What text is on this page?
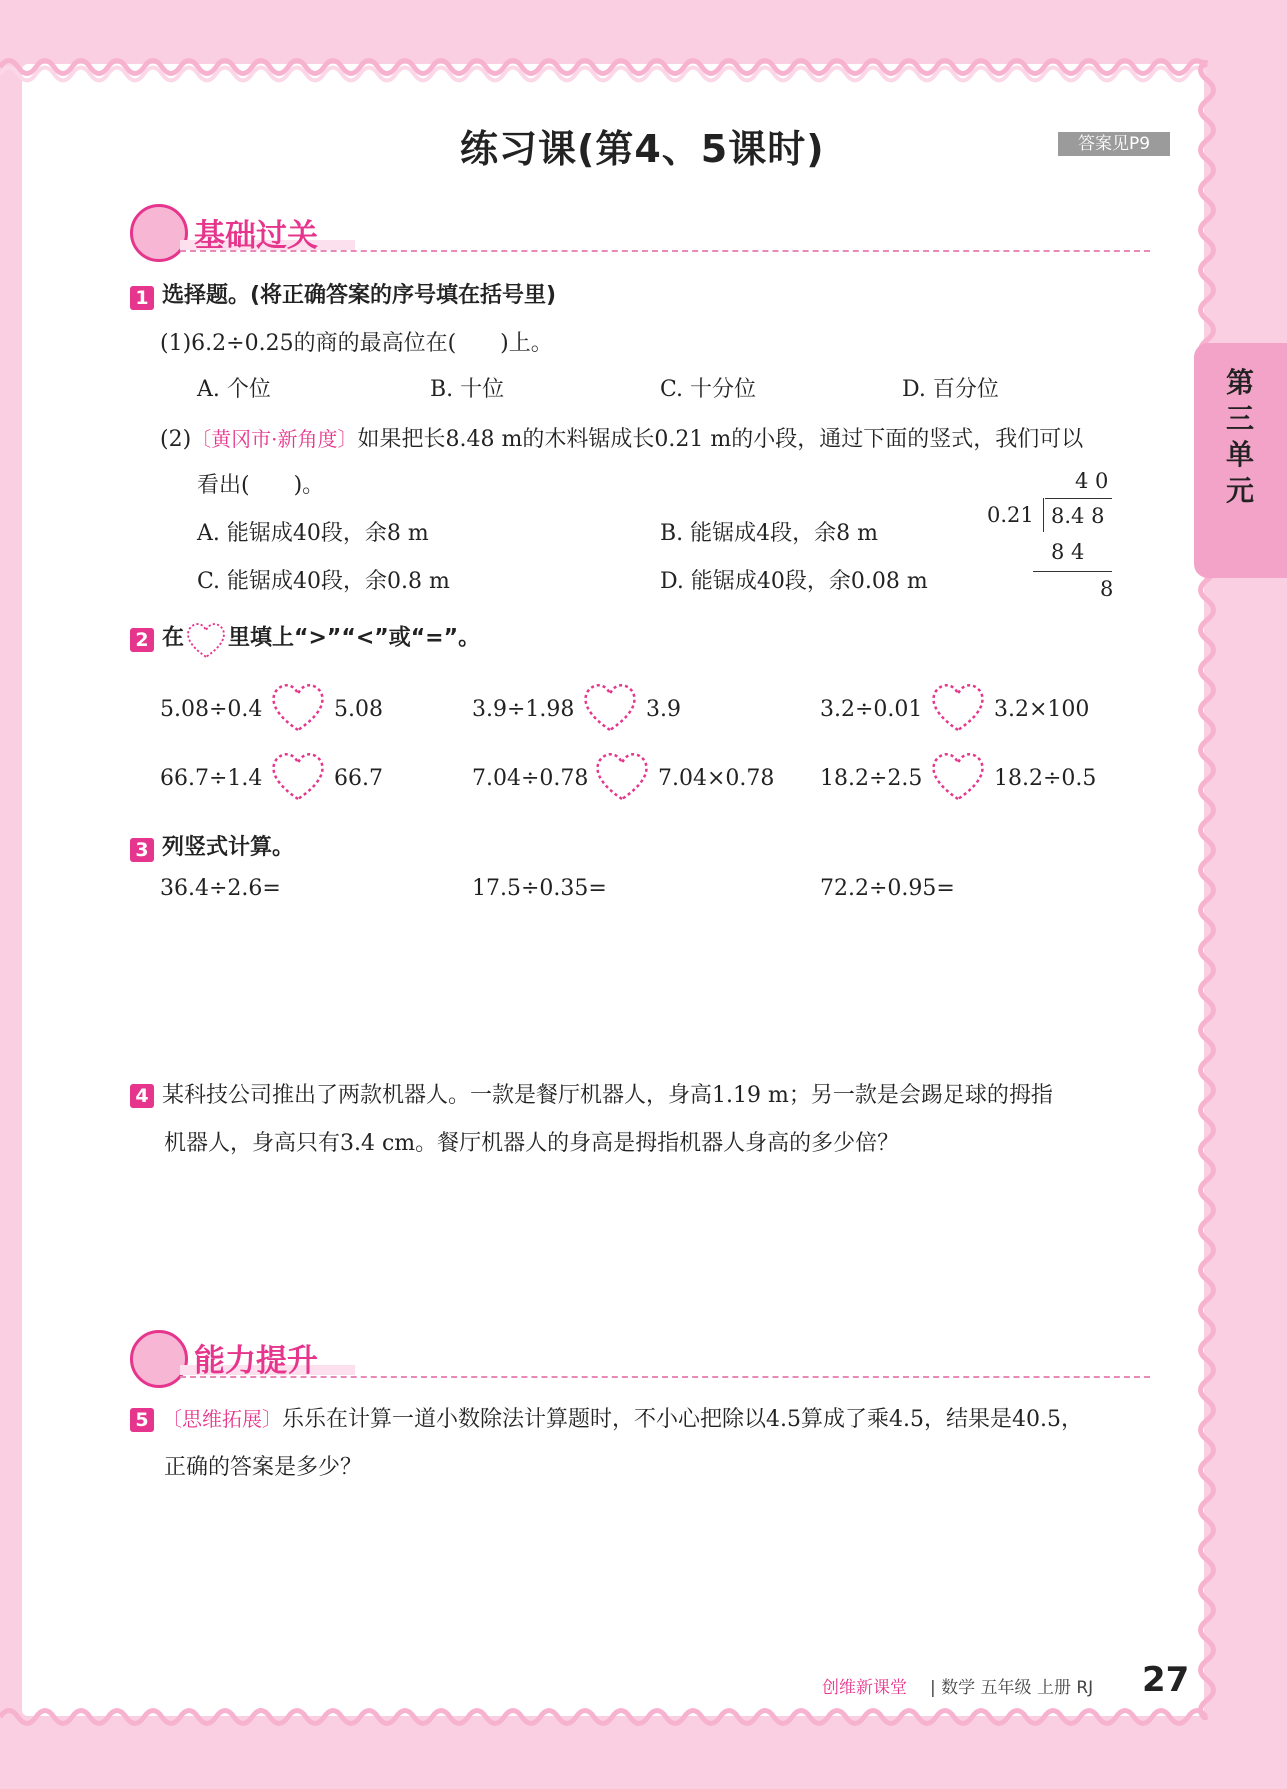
练习课(第4、5课时)	答案见P9
第三单元
基础过关
1 选择题。(将正确答案的序号填在括号里)
(1)6.2÷0.25的商的最高位在(　　)上。
A. 个位	B. 十位	C. 十分位	D. 百分位
(2)〔黄冈市·新角度〕如果把长8.48 m的木料锯成长0.21 m的小段，通过下面的竖式，我们可以
看出(　　)。
A. 能锯成40段，余8 m	B. 能锯成4段，余8 m
C. 能锯成40段，余0.8 m	D. 能锯成40段，余0.08 m
4 0
0.21 8.4 8
8 4
8
2 在 里填上“>”“<”或“=”。
5.08÷0.4	5.08	3.9÷1.98	3.9	3.2÷0.01	3.2×100
66.7÷1.4	66.7	7.04÷0.78	7.04×0.78 18.2÷2.5	18.2÷0.5
3 列竖式计算。
36.4÷2.6=	17.5÷0.35=	72.2÷0.95=
4 某科技公司推出了两款机器人。一款是餐厅机器人，身高1.19 m；另一款是会踢足球的拇指
机器人，身高只有3.4 cm。餐厅机器人的身高是拇指机器人身高的多少倍？
能力提升
5 〔思维拓展〕乐乐在计算一道小数除法计算题时，不小心把除以4.5算成了乘4.5，结果是40.5，
正确的答案是多少？
创维新课堂 | 数学 五年级 上册 RJ 27
